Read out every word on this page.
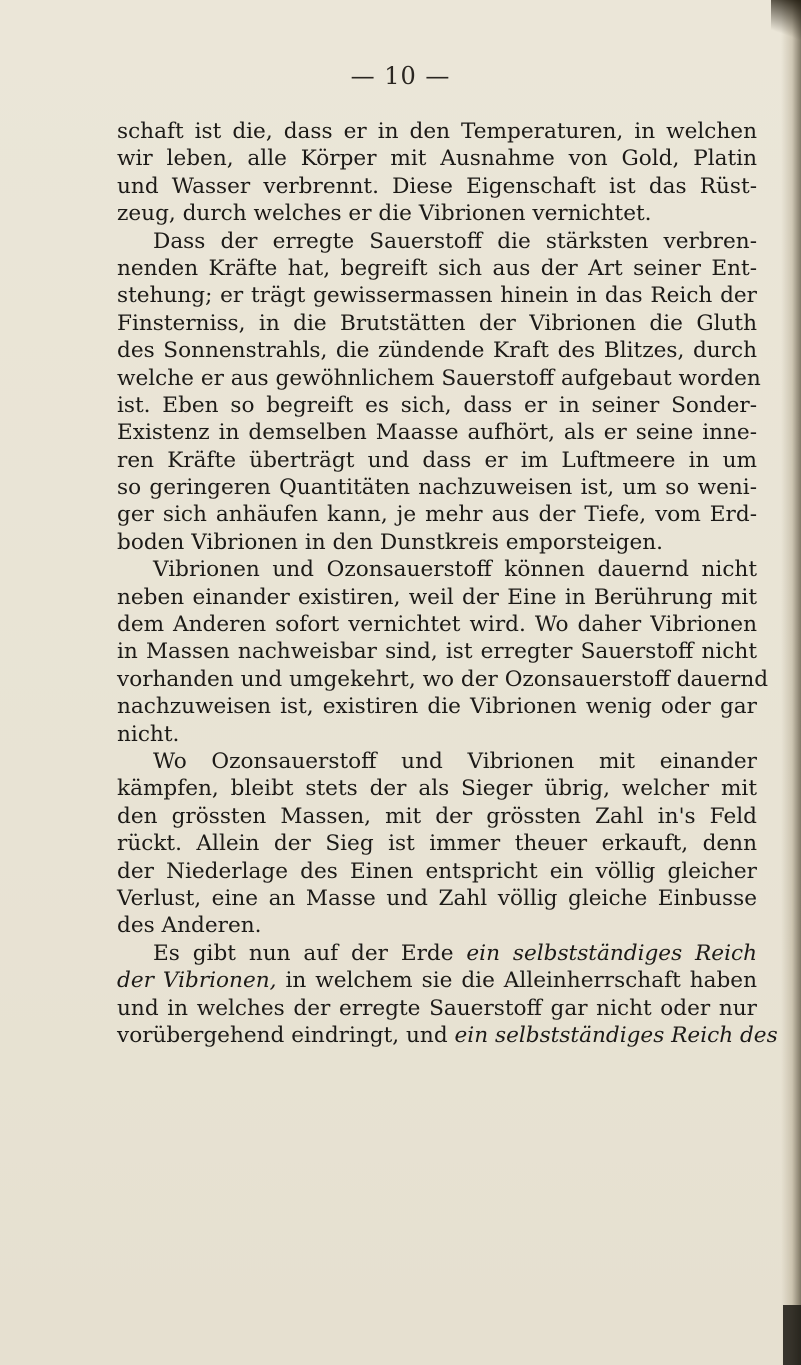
— 10 —
schaft ist die, dass er in den Temperaturen, in welchen
wir leben, alle Körper mit Ausnahme von Gold, Platin
und Wasser verbrennt. Diese Eigenschaft ist das Rüst-
zeug, durch welches er die Vibrionen vernichtet.
Dass der erregte Sauerstoff die stärksten verbren-
nenden Kräfte hat, begreift sich aus der Art seiner Ent-
stehung; er trägt gewissermassen hinein in das Reich der
Finsterniss, in die Brutstätten der Vibrionen die Gluth
des Sonnenstrahls, die zündende Kraft des Blitzes, durch
welche er aus gewöhnlichem Sauerstoff aufgebaut worden
ist. Eben so begreift es sich, dass er in seiner Sonder-
Existenz in demselben Maasse aufhört, als er seine inne-
ren Kräfte überträgt und dass er im Luftmeere in um
so geringeren Quantitäten nachzuweisen ist, um so weni-
ger sich anhäufen kann, je mehr aus der Tiefe, vom Erd-
boden Vibrionen in den Dunstkreis emporsteigen.
Vibrionen und Ozonsauerstoff können dauernd nicht
neben einander existiren, weil der Eine in Berührung mit
dem Anderen sofort vernichtet wird. Wo daher Vibrionen
in Massen nachweisbar sind, ist erregter Sauerstoff nicht
vorhanden und umgekehrt, wo der Ozonsauerstoff dauernd
nachzuweisen ist, existiren die Vibrionen wenig oder gar
nicht.
Wo Ozonsauerstoff und Vibrionen mit einander
kämpfen, bleibt stets der als Sieger übrig, welcher mit
den grössten Massen, mit der grössten Zahl in's Feld
rückt. Allein der Sieg ist immer theuer erkauft, denn
der Niederlage des Einen entspricht ein völlig gleicher
Verlust, eine an Masse und Zahl völlig gleiche Einbusse
des Anderen.
Es gibt nun auf der Erde ein selbstständiges Reich
der Vibrionen, in welchem sie die Alleinherrschaft haben
und in welches der erregte Sauerstoff gar nicht oder nur
vorübergehend eindringt, und ein selbstständiges Reich des
